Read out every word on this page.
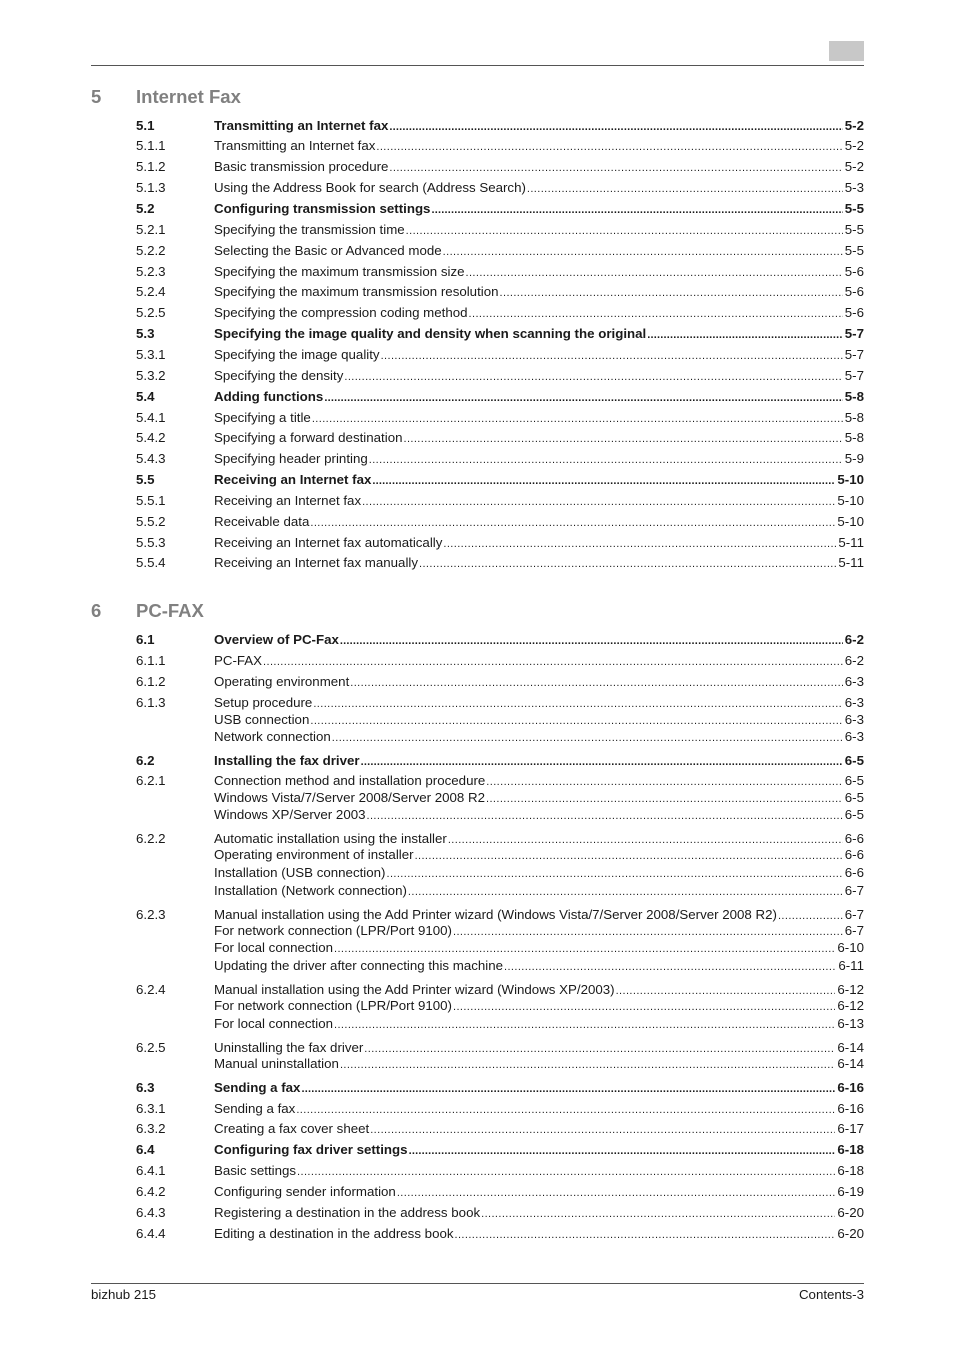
5 Internet Fax
5.1	Transmitting an Internet fax .....	5-2
5.1.1	Transmitting an Internet fax .....	5-2
5.1.2	Basic transmission procedure .....	5-2
5.1.3	Using the Address Book for search (Address Search) .....	5-3
5.2	Configuring transmission settings .....	5-5
5.2.1	Specifying the transmission time .....	5-5
5.2.2	Selecting the Basic or Advanced mode .....	5-5
5.2.3	Specifying the maximum transmission size .....	5-6
5.2.4	Specifying the maximum transmission resolution .....	5-6
5.2.5	Specifying the compression coding method .....	5-6
5.3	Specifying the image quality and density when scanning the original .....	5-7
5.3.1	Specifying the image quality .....	5-7
5.3.2	Specifying the density .....	5-7
5.4	Adding functions .....	5-8
5.4.1	Specifying a title .....	5-8
5.4.2	Specifying a forward destination .....	5-8
5.4.3	Specifying header printing .....	5-9
5.5	Receiving an Internet fax .....	5-10
5.5.1	Receiving an Internet fax .....	5-10
5.5.2	Receivable data .....	5-10
5.5.3	Receiving an Internet fax automatically .....	5-11
5.5.4	Receiving an Internet fax manually .....	5-11
6 PC-FAX
6.1	Overview of PC-Fax .....	6-2
6.1.1	PC-FAX .....	6-2
6.1.2	Operating environment .....	6-3
6.1.3	Setup procedure .....	6-3
USB connection .....	6-3
Network connection .....	6-3
6.2	Installing the fax driver .....	6-5
6.2.1	Connection method and installation procedure .....	6-5
Windows Vista/7/Server 2008/Server 2008 R2 .....	6-5
Windows XP/Server 2003 .....	6-5
6.2.2	Automatic installation using the installer .....	6-6
Operating environment of installer .....	6-6
Installation (USB connection) .....	6-6
Installation (Network connection) .....	6-7
6.2.3	Manual installation using the Add Printer wizard (Windows Vista/7/Server 2008/Server 2008 R2) .....	6-7
For network connection (LPR/Port 9100) .....	6-7
For local connection .....	6-10
Updating the driver after connecting this machine .....	6-11
6.2.4	Manual installation using the Add Printer wizard (Windows XP/2003) .....	6-12
For network connection (LPR/Port 9100) .....	6-12
For local connection .....	6-13
6.2.5	Uninstalling the fax driver .....	6-14
Manual uninstallation .....	6-14
6.3	Sending a fax .....	6-16
6.3.1	Sending a fax .....	6-16
6.3.2	Creating a fax cover sheet .....	6-17
6.4	Configuring fax driver settings .....	6-18
6.4.1	Basic settings .....	6-18
6.4.2	Configuring sender information .....	6-19
6.4.3	Registering a destination in the address book .....	6-20
6.4.4	Editing a destination in the address book .....	6-20
bizhub 215	Contents-3
